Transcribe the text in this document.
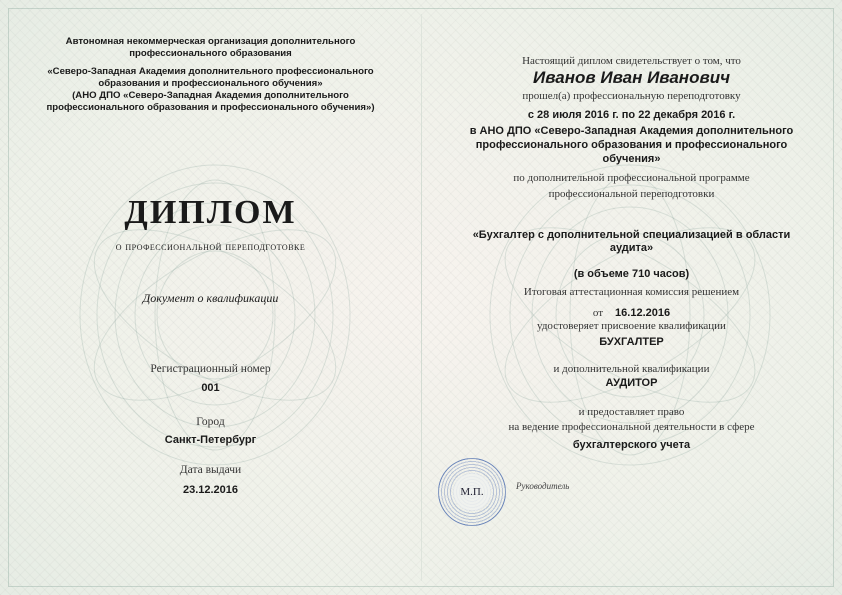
Автономная некоммерческая организация дополнительного
профессионального образования
«Северо-Западная Академия дополнительного профессионального
образования и профессионального обучения»
(АНО ДПО «Северо-Западная Академия дополнительного
профессионального образования и профессионального обучения»)
ДИПЛОМ
о профессиональной переподготовке
Документ о квалификации
Регистрационный номер
001
Город
Санкт-Петербург
Дата выдачи
23.12.2016
Настоящий диплом свидетельствует о том, что
Иванов Иван Иванович
прошел(а) профессиональную переподготовку
с 28 июля 2016 г. по 22 декабря 2016 г.
в АНО ДПО «Северо-Западная Академия дополнительного
профессионального образования и профессионального
обучения»
по дополнительной профессиональной программе
профессиональной переподготовки
«Бухгалтер с дополнительной специализацией в области
аудита»
(в объеме 710 часов)
Итоговая аттестационная комиссия решением
от 16.12.2016
удостоверяет присвоение квалификации
БУХГАЛТЕР
и дополнительной квалификации
АУДИТОР
и предоставляет право
на ведение профессиональной деятельности в сфере
бухгалтерского учета
М.П.	Руководитель
